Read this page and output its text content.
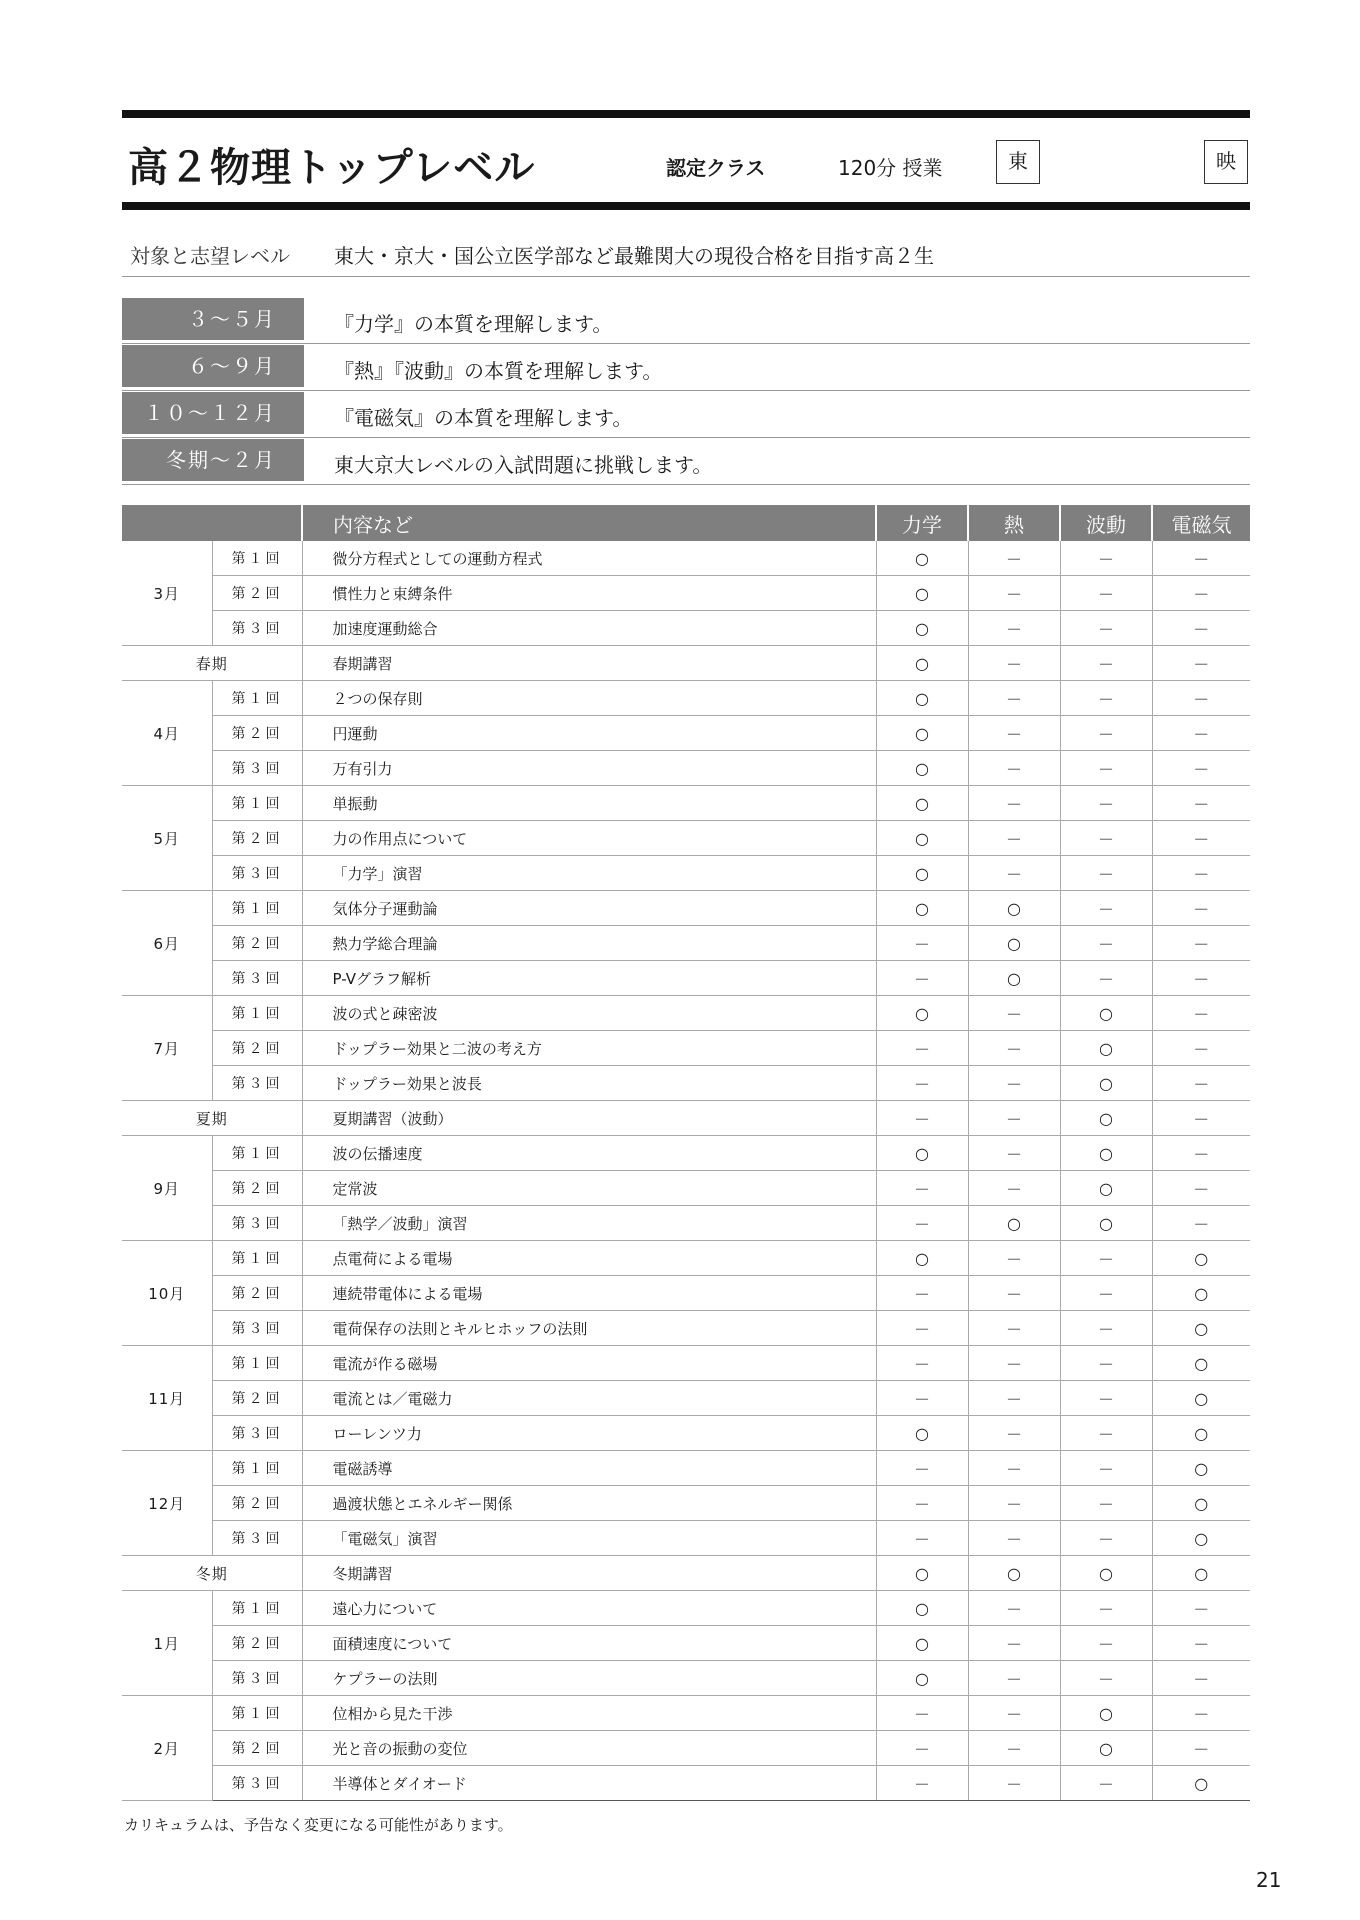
高２物理トップレベル	認定クラス	120分 授業	東	映
対象と志望レベル 東大・京大・国公立医学部など最難関大の現役合格を目指す高２生
３～５月	『力学』の本質を理解します。
６～９月	『熱』『波動』の本質を理解します。
１０～１２月	『電磁気』の本質を理解します。
冬期～２月	東大京大レベルの入試問題に挑戦します。
		内容など	力学	熱	波動	電磁気
3月	第１回	微分方程式としての運動方程式	○	－	－	－
	第２回	慣性力と束縛条件	○	－	－	－
	第３回	加速度運動総合	○	－	－	－
春期		春期講習	○	－	－	－
4月	第１回	２つの保存則	○	－	－	－
	第２回	円運動	○	－	－	－
	第３回	万有引力	○	－	－	－
5月	第１回	単振動	○	－	－	－
	第２回	力の作用点について	○	－	－	－
	第３回	「力学」演習	○	－	－	－
6月	第１回	気体分子運動論	○	○	－	－
	第２回	熱力学総合理論	－	○	－	－
	第３回	P-Vグラフ解析	－	○	－	－
7月	第１回	波の式と疎密波	○	－	○	－
	第２回	ドップラー効果と二波の考え方	－	－	○	－
	第３回	ドップラー効果と波長	－	－	○	－
夏期		夏期講習（波動）	－	－	○	－
9月	第１回	波の伝播速度	○	－	○	－
	第２回	定常波	－	－	○	－
	第３回	「熱学／波動」演習	－	○	○	－
10月	第１回	点電荷による電場	○	－	－	○
	第２回	連続帯電体による電場	－	－	－	○
	第３回	電荷保存の法則とキルヒホッフの法則	－	－	－	○
11月	第１回	電流が作る磁場	－	－	－	○
	第２回	電流とは／電磁力	－	－	－	○
	第３回	ローレンツ力	○	－	－	○
12月	第１回	電磁誘導	－	－	－	○
	第２回	過渡状態とエネルギー関係	－	－	－	○
	第３回	「電磁気」演習	－	－	－	○
冬期		冬期講習	○	○	○	○
1月	第１回	遠心力について	○	－	－	－
	第２回	面積速度について	○	－	－	－
	第３回	ケプラーの法則	○	－	－	－
2月	第１回	位相から見た干渉	－	－	○	－
	第２回	光と音の振動の変位	－	－	○	－
	第３回	半導体とダイオード	－	－	－	○
カリキュラムは、予告なく変更になる可能性があります。
21
